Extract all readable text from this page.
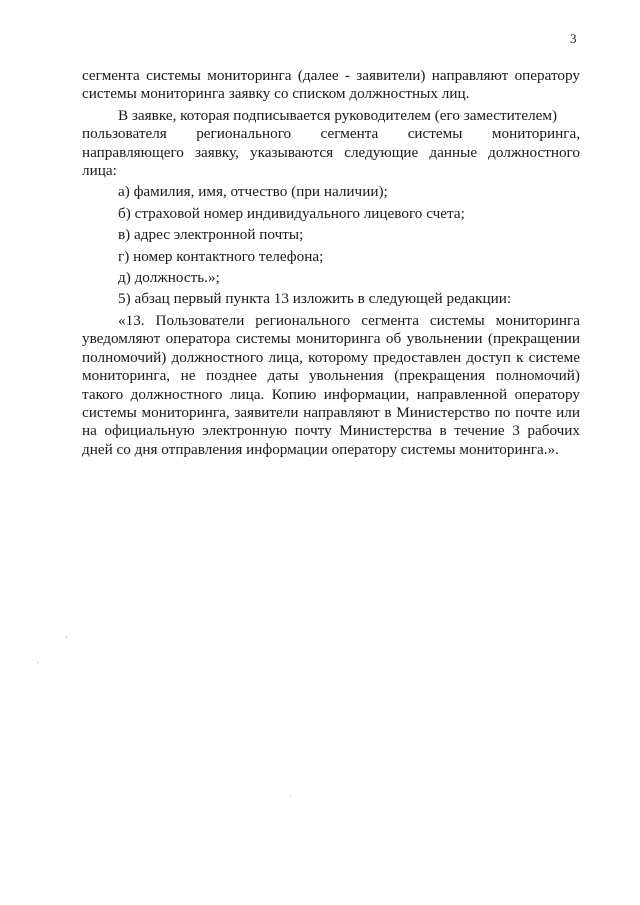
3

сегмента системы мониторинга (далее - заявители) направляют оператору системы мониторинга заявку со списком должностных лиц.

В заявке, которая подписывается руководителем (его заместителем)

пользователя регионального сегмента системы мониторинга,

направляющего заявку, указываются следующие данные должностного лица:

а) фамилия, имя, отчество (при наличии);

б) страховой номер индивидуального лицевого счета;

в) адрес электронной почты;

г) номер контактного телефона;

д) должность.»;

5) абзац первый пункта 13 изложить в следующей редакции:

«13. Пользователи регионального сегмента системы мониторинга уведомляют оператора системы мониторинга об увольнении (прекращении полномочий) должностного лица, которому предоставлен доступ к системе мониторинга, не позднее даты увольнения (прекращения полномочий) такого должностного лица. Копию информации, направленной оператору системы мониторинга, заявители направляют в Министерство по почте или на официальную электронную почту Министерства в течение 3 рабочих дней со дня отправления информации оператору системы мониторинга.».
